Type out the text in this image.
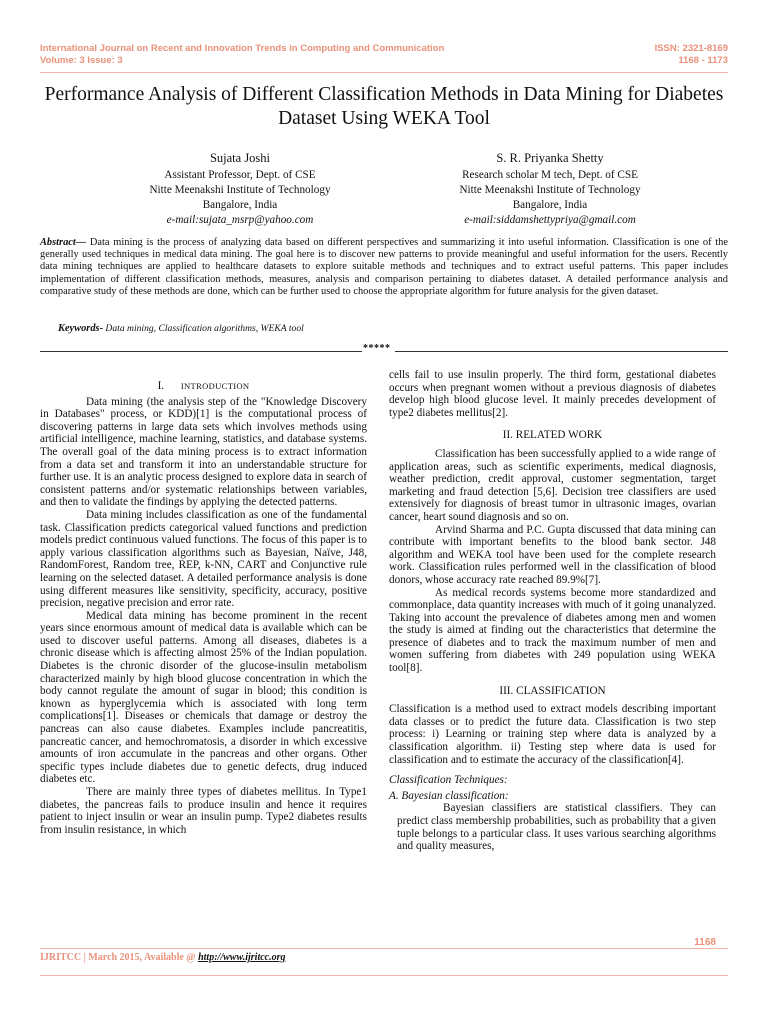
International Journal on Recent and Innovation Trends in Computing and Communication
Volume: 3 Issue: 3
ISSN: 2321-8169
1168 - 1173
Performance Analysis of Different Classification Methods in Data Mining for Diabetes Dataset Using WEKA Tool
Sujata Joshi
Assistant Professor, Dept. of CSE
Nitte Meenakshi Institute of Technology
Bangalore, India
e-mail:sujata_msrp@yahoo.com
S. R. Priyanka Shetty
Research scholar M tech, Dept. of CSE
Nitte Meenakshi Institute of Technology
Bangalore, India
e-mail:siddamshettypriya@gmail.com
Abstract— Data mining is the process of analyzing data based on different perspectives and summarizing it into useful information. Classification is one of the generally used techniques in medical data mining. The goal here is to discover new patterns to provide meaningful and useful information for the users. Recently data mining techniques are applied to healthcare datasets to explore suitable methods and techniques and to extract useful patterns. This paper includes implementation of different classification methods, measures, analysis and comparison pertaining to diabetes dataset. A detailed performance analysis and comparative study of these methods are done, which can be further used to choose the appropriate algorithm for future analysis for the given dataset.
Keywords- Data mining, Classification algorithms, WEKA tool
*****

I. INTRODUCTION

Data mining (the analysis step of the "Knowledge Discovery in Databases" process, or KDD)[1] is the computational process of discovering patterns in large data sets which involves methods using artificial intelligence, machine learning, statistics, and database systems. The overall goal of the data mining process is to extract information from a data set and transform it into an understandable structure for further use. It is an analytic process designed to explore data in search of consistent patterns and/or systematic relationships between variables, and then to validate the findings by applying the detected patterns.

Data mining includes classification as one of the fundamental task. Classification predicts categorical valued functions and prediction models predict continuous valued functions. The focus of this paper is to apply various classification algorithms such as Bayesian, Naïve, J48, RandomForest, Random tree, REP, k-NN, CART and Conjunctive rule learning on the selected dataset. A detailed performance analysis is done using different measures like sensitivity, specificity, accuracy, positive precision, negative precision and error rate.

Medical data mining has become prominent in the recent years since enormous amount of medical data is available which can be used to discover useful patterns. Among all diseases, diabetes is a chronic disease which is affecting almost 25% of the Indian population. Diabetes is the chronic disorder of the glucose-insulin metabolism characterized mainly by high blood glucose concentration in which the body cannot regulate the amount of sugar in blood; this condition is known as hyperglycemia which is associated with long term complications[1]. Diseases or chemicals that damage or destroy the pancreas can also cause diabetes. Examples include pancreatitis, pancreatic cancer, and hemochromatosis, a disorder in which excessive amounts of iron accumulate in the pancreas and other organs. Other specific types include diabetes due to genetic defects, drug induced diabetes etc.

There are mainly three types of diabetes mellitus. In Type1 diabetes, the pancreas fails to produce insulin and hence it requires patient to inject insulin or wear an insulin pump. Type2 diabetes results from insulin resistance, in which

cells fail to use insulin properly. The third form, gestational diabetes occurs when pregnant women without a previous diagnosis of diabetes develop high blood glucose level. It mainly precedes development of type2 diabetes mellitus[2].

II. RELATED WORK

Classification has been successfully applied to a wide range of application areas, such as scientific experiments, medical diagnosis, weather prediction, credit approval, customer segmentation, target marketing and fraud detection [5,6]. Decision tree classifiers are used extensively for diagnosis of breast tumor in ultrasonic images, ovarian cancer, heart sound diagnosis and so on.

Arvind Sharma and P.C. Gupta discussed that data mining can contribute with important benefits to the blood bank sector. J48 algorithm and WEKA tool have been used for the complete research work. Classification rules performed well in the classification of blood donors, whose accuracy rate reached 89.9%[7].

As medical records systems become more standardized and commonplace, data quantity increases with much of it going unanalyzed. Taking into account the prevalence of diabetes among men and women the study is aimed at finding out the characteristics that determine the presence of diabetes and to track the maximum number of men and women suffering from diabetes with 249 population using WEKA tool[8].

III. CLASSIFICATION

Classification is a method used to extract models describing important data classes or to predict the future data. Classification is two step process: i) Learning or training step where data is analyzed by a classification algorithm. ii) Testing step where data is used for classification and to estimate the accuracy of the classification[4].

Classification Techniques:

A. Bayesian classification:

Bayesian classifiers are statistical classifiers. They can predict class membership probabilities, such as probability that a given tuple belongs to a particular class. It uses various searching algorithms and quality measures,

1168
IJRITCC | March 2015, Available @ http://www.ijritcc.org
